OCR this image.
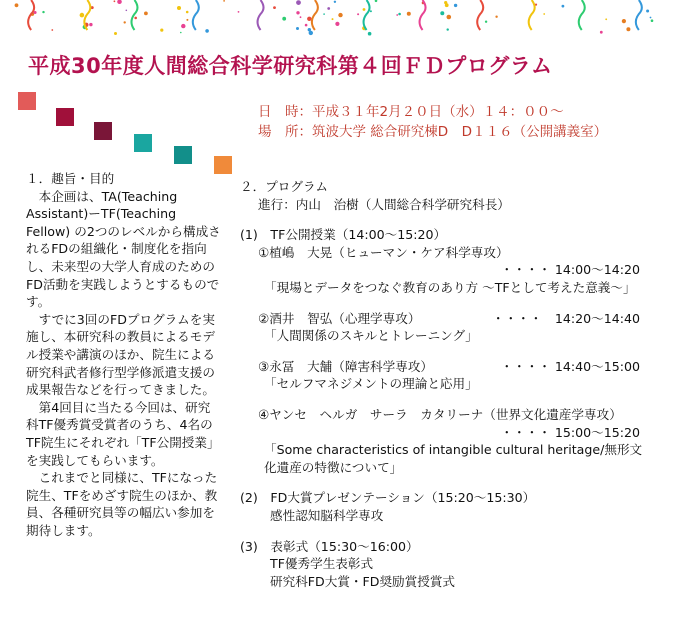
平成30年度人間総合科学研究科第４回ＦＤプログラム
日　時：平成３１年2月２０日（水）１４：００～
場　所：筑波大学 総合研究棟D　D１１６（公開講義室）
１．趣旨・目的

　本企画は、TA(Teaching Assistant)ーTF(Teaching Fellow) の2つのレベルから構成されるFDの組織化・制度化を指向し、未来型の大学人育成のためのFD活動を実践しようとするものです。

　すでに3回のFDプログラムを実施し、本研究科の教員によるモデル授業や講演のほか、院生による研究科武者修行型学修派遣支援の成果報告などを行ってきました。

　第4回目に当たる今回は、研究科TF優秀賞受賞者のうち、4名のTF院生にそれぞれ「TF公開授業」を実践してもらいます。

　これまでと同様に、TFになった院生、TFをめざす院生のほか、教員、各種研究員等の幅広い参加を期待します。

２．プログラム
進行：内山　治樹（人間総合科学研究科長）
(1)　TF公開授業（14:00～15:20）
①植嶋　大晃（ヒューマン・ケア科学専攻）
・・・・ 14:00～14:20
「現場とデータをつなぐ教育のあり方 ～TFとして考えた意義～」
②酒井　智弘（心理学専攻）	・・・・　14:20～14:40
「人間関係のスキルとトレーニング」
③永冨　大舗（障害科学専攻）	・・・・ 14:40～15:00
「セルフマネジメントの理論と応用」
④ヤンセ　ヘルガ　サーラ　カタリーナ（世界文化遺産学専攻）
・・・・ 15:00～15:20
「Some characteristics of intangible cultural heritage/無形文化遺産の特徴について」
(2)　FD大賞プレゼンテーション（15:20～15:30）
感性認知脳科学専攻
(3)　表彰式（15:30～16:00）
TF優秀学生表彰式
研究科FD大賞・FD奨励賞授賞式
